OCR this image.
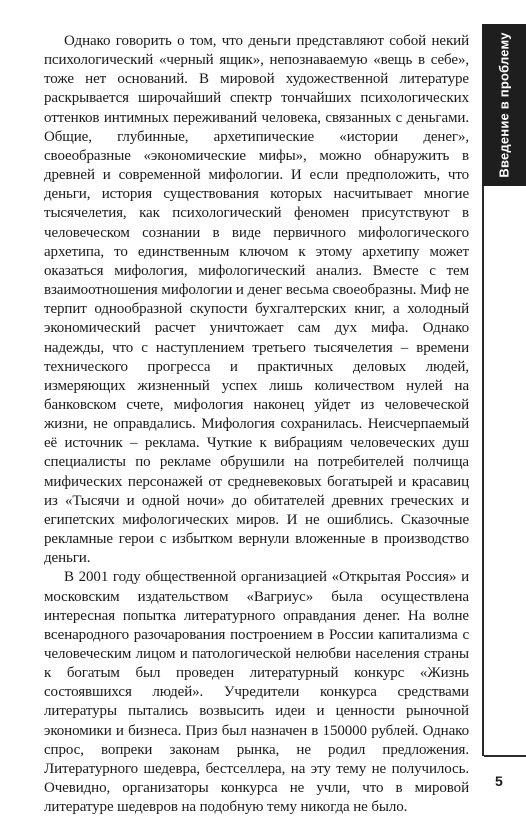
Однако говорить о том, что деньги представляют собой некий психологический «черный ящик», непознаваемую «вещь в себе», тоже нет оснований. В мировой художественной литературе раскрывается широчайший спектр тончайших психологических оттенков интимных переживаний человека, связанных с деньгами. Общие, глубинные, архетипические «истории денег», своеобразные «экономические мифы», можно обнаружить в древней и современной мифологии. И если предположить, что деньги, история существования которых насчитывает многие тысячелетия, как психологический феномен присутствуют в человеческом сознании в виде первичного мифологического архетипа, то единственным ключом к этому архетипу может оказаться мифология, мифологический анализ. Вместе с тем взаимоотношения мифологии и денег весьма своеобразны. Миф не терпит однообразной скупости бухгалтерских книг, а холодный экономический расчет уничтожает сам дух мифа. Однако надежды, что с наступлением третьего тысячелетия – времени технического прогресса и практичных деловых людей, измеряющих жизненный успех лишь количеством нулей на банковском счете, мифология наконец уйдет из человеческой жизни, не оправдались. Мифология сохранилась. Неисчерпаемый её источник – реклама. Чуткие к вибрациям человеческих душ специалисты по рекламе обрушили на потребителей полчища мифических персонажей от средневековых богатырей и красавиц из «Тысячи и одной ночи» до обитателей древних греческих и египетских мифологических миров. И не ошиблись. Сказочные рекламные герои с избытком вернули вложенные в производство деньги.

В 2001 году общественной организацией «Открытая Россия» и московским издательством «Вагриус» была осуществлена интересная попытка литературного оправдания денег. На волне всенародного разочарования построением в России капитализма с человеческим лицом и патологической нелюбви населения страны к богатым был проведен литературный конкурс «Жизнь состоявшихся людей». Учредители конкурса средствами литературы пытались возвысить идеи и ценности рыночной экономики и бизнеса. Приз был назначен в 150000 рублей. Однако спрос, вопреки законам рынка, не родил предложения. Литературного шедевра, бестселлера, на эту тему не получилось. Очевидно, организаторы конкурса не учли, что в мировой литературе шедевров на подобную тему никогда не было.

Введение в проблему
5
